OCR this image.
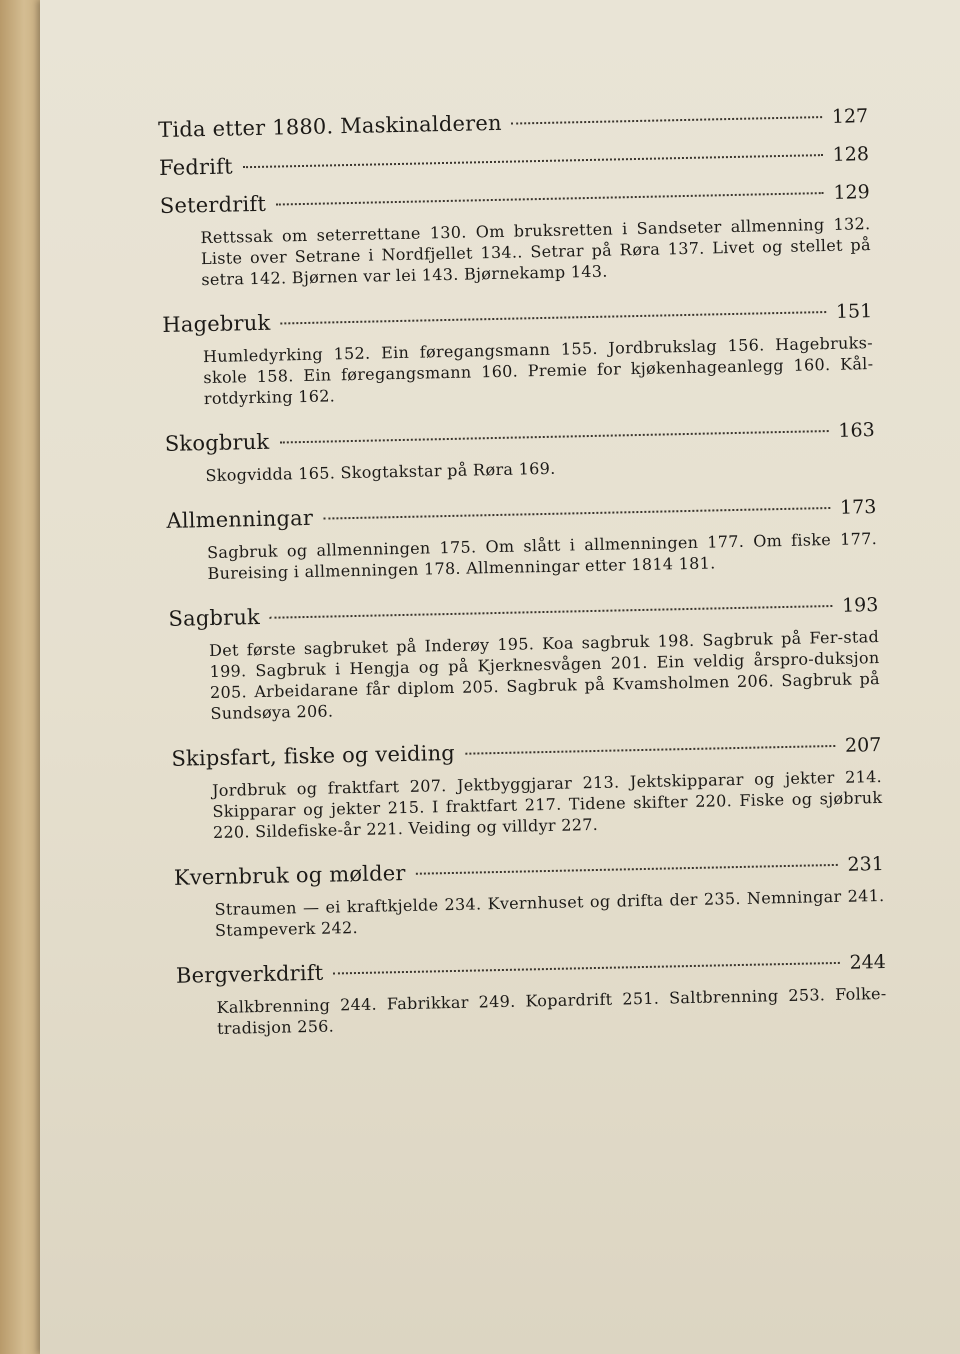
Tida etter 1880. Maskinalderen	127
Fedrift	128
Seterdrift	129
Rettssak om seterrettane 130. Om bruksretten i Sandseter allmenning 132. Liste over Setrane i Nordfjellet 134.. Setrar på Røra 137. Livet og stellet på setra 142. Bjørnen var lei 143. Bjørnekamp 143.
Hagebruk	151
Humledyrking 152. Ein føregangsmann 155. Jordbrukslag 156. Hagebruks-skole 158. Ein føregangsmann 160. Premie for kjøkenhageanlegg 160. Kål-rotdyrking 162.
Skogbruk	163
Skogvidda 165. Skogtakstar på Røra 169.
Allmenningar	173
Sagbruk og allmenningen 175. Om slått i allmenningen 177. Om fiske 177. Bureising i allmenningen 178. Allmenningar etter 1814 181.
Sagbruk	193
Det første sagbruket på Inderøy 195. Koa sagbruk 198. Sagbruk på Fer-stad 199. Sagbruk i Hengja og på Kjerknesvågen 201. Ein veldig årspro-duksjon 205. Arbeidarane får diplom 205. Sagbruk på Kvamsholmen 206. Sagbruk på Sundsøya 206.
Skipsfart, fiske og veiding	207
Jordbruk og fraktfart 207. Jektbyggjarar 213. Jektskipparar og jekter 214. Skipparar og jekter 215. I fraktfart 217. Tidene skifter 220. Fiske og sjøbruk 220. Sildefiske-år 221. Veiding og villdyr 227.
Kvernbruk og mølder	231
Straumen — ei kraftkjelde 234. Kvernhuset og drifta der 235. Nemningar 241. Stampeverk 242.
Bergverkdrift	244
Kalkbrenning 244. Fabrikkar 249. Kopardrift 251. Saltbrenning 253. Folke-tradisjon 256.
